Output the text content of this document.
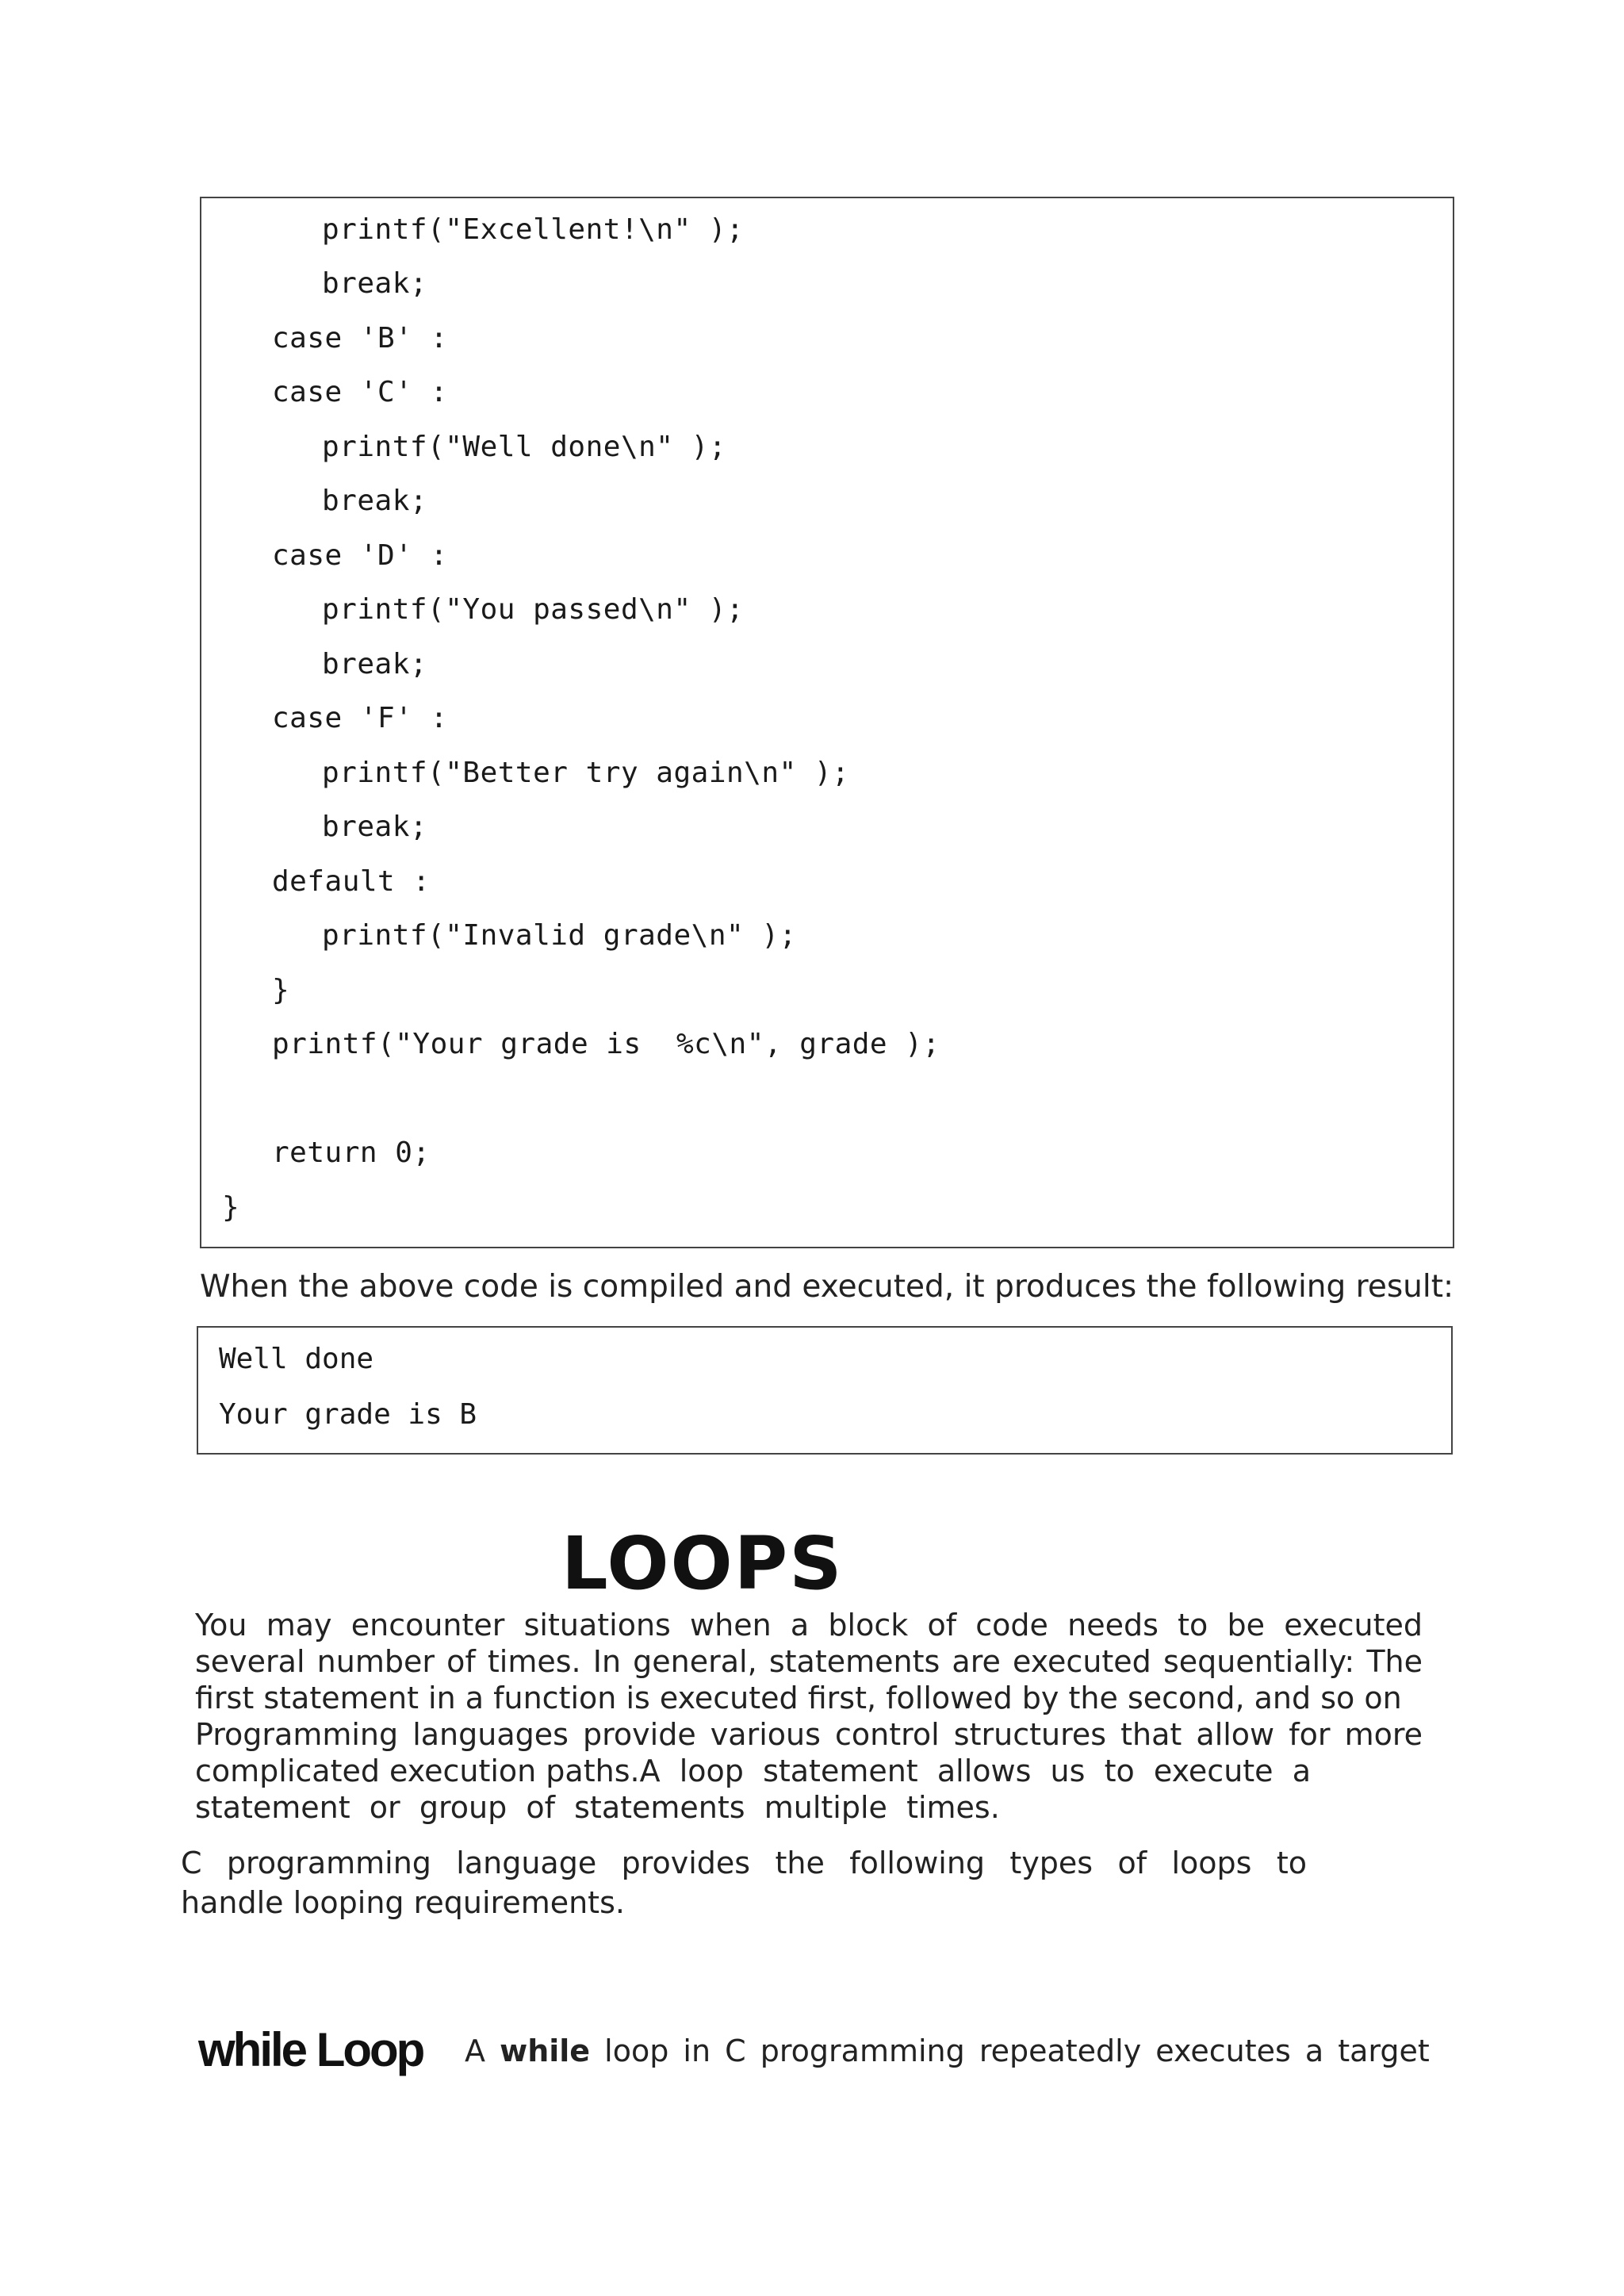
printf("Excellent!\n" );
break;
case 'B' :
case 'C' :
printf("Well done\n" );
break;
case 'D' :
printf("You passed\n" );
break;
case 'F' :
printf("Better try again\n" );
break;
default :
printf("Invalid grade\n" );
}
printf("Your grade is  %c\n", grade );
return 0;
}
When the above code is compiled and executed, it produces the following result:
Well done
Your grade is B
LOOPS
You may encounter situations when a block of code needs to be executed
several number of times. In general, statements are executed sequentially: The
first statement in a function is executed first, followed by the second, and so on
Programming languages provide various control structures that allow for more
complicated execution paths.A  loop  statement  allows  us  to  execute  a
statement  or  group  of  statements  multiple  times.
C programming language provides the following types of loops to
handle looping requirements.
while Loop A while loop in C programming repeatedly executes a target
